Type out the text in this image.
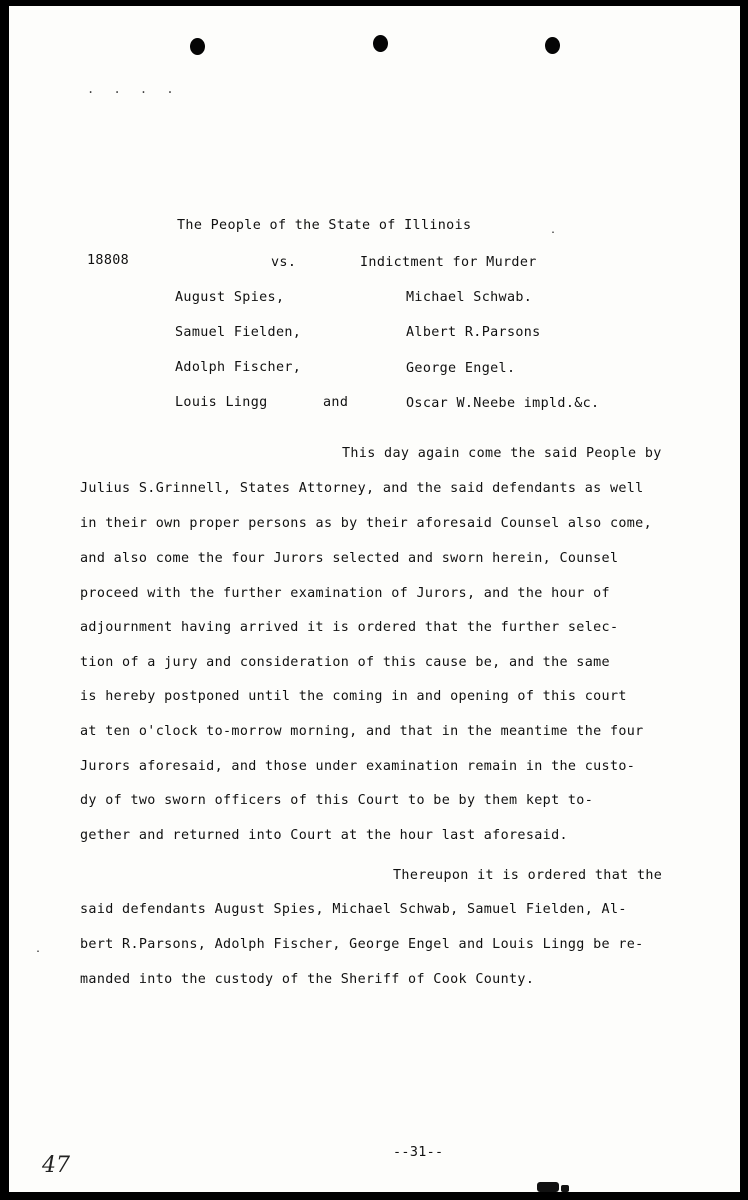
. . . .
The People of the State of Illinois	.
18808	vs.	Indictment for Murder
August Spies,	Michael Schwab.
Samuel Fielden,	Albert R.Parsons
Adolph Fischer,	George Engel.
Louis Lingg	and	Oscar W.Neebe impld.&c.
This day again come the said People by
Julius S.Grinnell, States Attorney, and the said defendants as well
in their own proper persons as by their aforesaid Counsel also come,
and also come the four Jurors selected and sworn herein, Counsel
proceed with the further examination of Jurors, and the hour of
adjournment having arrived it is ordered that the further selec-
tion of a jury and consideration of this cause be, and the same
is hereby postponed until the coming in and opening of this court
at ten o'clock to-morrow morning, and that in the meantime the four
Jurors aforesaid, and those under examination remain in the custo-
dy of two sworn officers of this Court to be by them kept to-
gether and returned into Court at the hour last aforesaid.
Thereupon it is ordered that the
said defendants August Spies, Michael Schwab, Samuel Fielden, Al-
bert R.Parsons, Adolph Fischer, George Engel and Louis Lingg be re-
.
manded into the custody of the Sheriff of Cook County.
--31--
47
